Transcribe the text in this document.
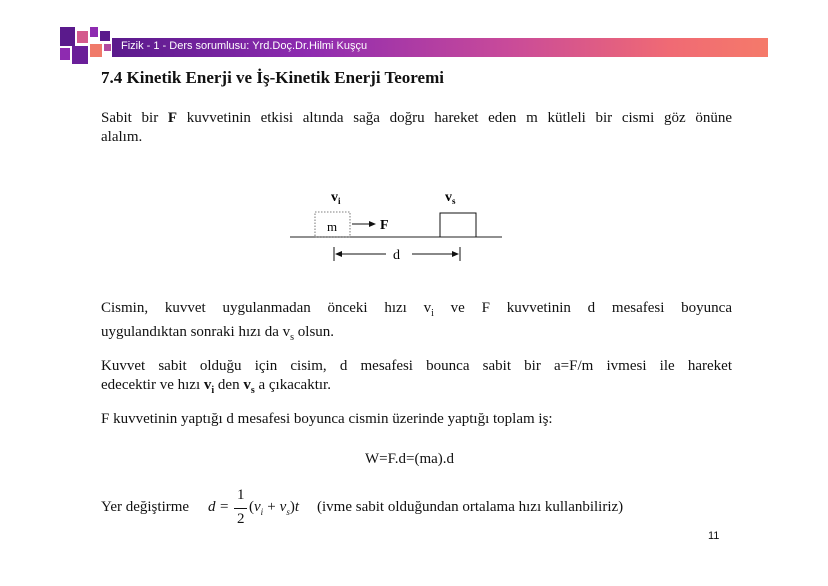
Fizik - 1 - Ders sorumlusu: Yrd.Doç.Dr.Hilmi Kuşçu
7.4 Kinetik Enerji ve İş-Kinetik Enerji Teoremi
Sabit bir F kuvvetinin etkisi altında sağa doğru hareket eden m kütleli bir cismi göz önüne
alalım.
$v_i$	$v_s$
m	F
d
Cismin, kuvvet uygulanmadan önceki hızı $v_i$ ve F kuvvetinin d mesafesi boyunca
uygulandıktan sonraki hızı da $v_s$ olsun.
Kuvvet sabit olduğu için cisim, d mesafesi bounca sabit bir a=F/m ivmesi ile hareket
edecektir ve hızı $v_i$ den $v_s$ a çıkacaktır.
F kuvvetinin yaptığı d mesafesi boyunca cismin üzerinde yaptığı toplam iş:
W=F.d=(ma).d
Yer değiştirme d =
1
2
$(v_i + v_s)t$ (ivme sabit olduğundan ortalama hızı kullanbiliriz)
11
